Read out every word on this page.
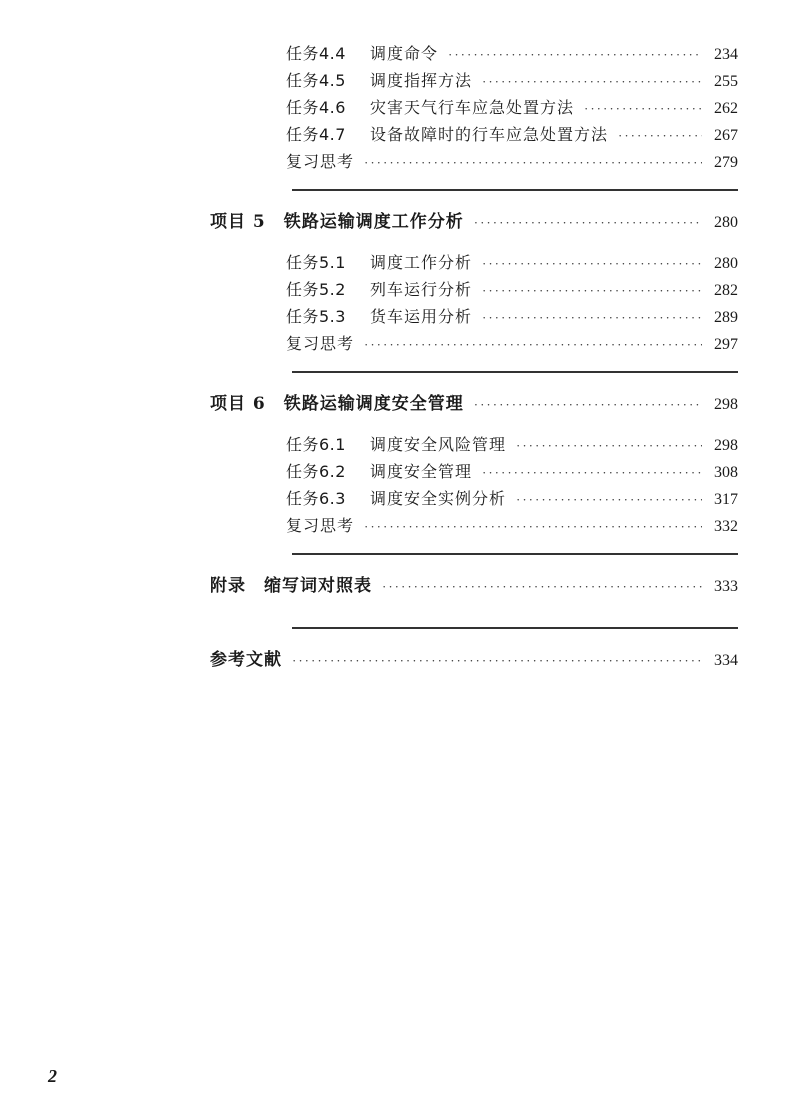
任务4.4	调度命令 ·····	234
任务4.5	调度指挥方法 ·····	255
任务4.6	灾害天气行车应急处置方法 ·····	262
任务4.7	设备故障时的行车应急处置方法 ·····	267
复习思考 ·····	279
项目 5 铁路运输调度工作分析 ·····	280
任务5.1	调度工作分析 ·····	280
任务5.2	列车运行分析 ·····	282
任务5.3	货车运用分析 ·····	289
复习思考 ·····	297
项目 6 铁路运输调度安全管理 ·····	298
任务6.1	调度安全风险管理 ·····	298
任务6.2	调度安全管理 ·····	308
任务6.3	调度安全实例分析 ·····	317
复习思考 ·····	332
附录 缩写词对照表 ·····	333
参考文献 ·····	334
2
